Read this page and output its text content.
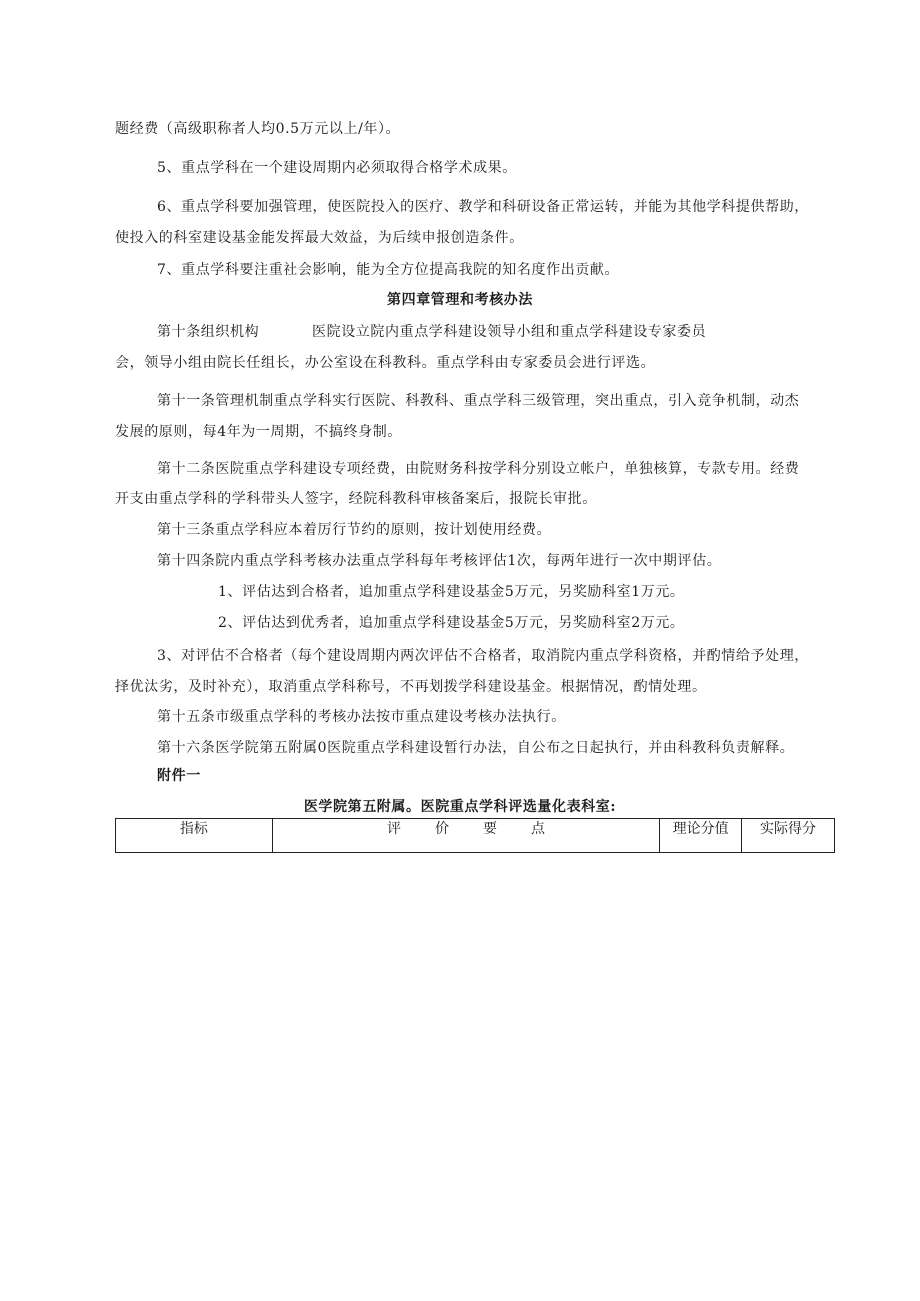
题经费（高级职称者人均0.5万元以上/年）。
5、重点学科在一个建设周期内必须取得合格学术成果。
6、重点学科要加强管理，使医院投入的医疗、教学和科研设备正常运转，并能为其他学科提供帮助，
使投入的科室建设基金能发挥最大效益，为后续申报创造条件。
7、重点学科要注重社会影响，能为全方位提高我院的知名度作出贡献。
第四章管理和考核办法
第十条组织机构	医院设立院内重点学科建设领导小组和重点学科建设专家委员
会，领导小组由院长任组长，办公室设在科教科。重点学科由专家委员会进行评选。
第十一条管理机制重点学科实行医院、科教科、重点学科三级管理，突出重点，引入竞争机制，动杰
发展的原则，每4年为一周期，不搞终身制。
第十二条医院重点学科建设专项经费，由院财务科按学科分别设立帐户，单独核算，专款专用。经费
开支由重点学科的学科带头人签字，经院科教科审核备案后，报院长审批。
第十三条重点学科应本着厉行节约的原则，按计划使用经费。
第十四条院内重点学科考核办法重点学科每年考核评估1次，每两年进行一次中期评估。
1、评估达到合格者，追加重点学科建设基金5万元，另奖励科室1万元。
2、评估达到优秀者，追加重点学科建设基金5万元，另奖励科室2万元。
3、对评估不合格者（每个建设周期内两次评估不合格者，取消院内重点学科资格，并酌情给予处理，
择优汰劣，及时补充），取消重点学科称号，不再划拨学科建设基金。根据情况，酌情处理。
第十五条市级重点学科的考核办法按市重点建设考核办法执行。
第十六条医学院第五附属0医院重点学科建设暂行办法，自公布之日起执行，并由科教科负责解释。
附件一
医学院第五附属。医院重点学科评选量化表科室:
指标	评价要点	理论分值	实际得分
